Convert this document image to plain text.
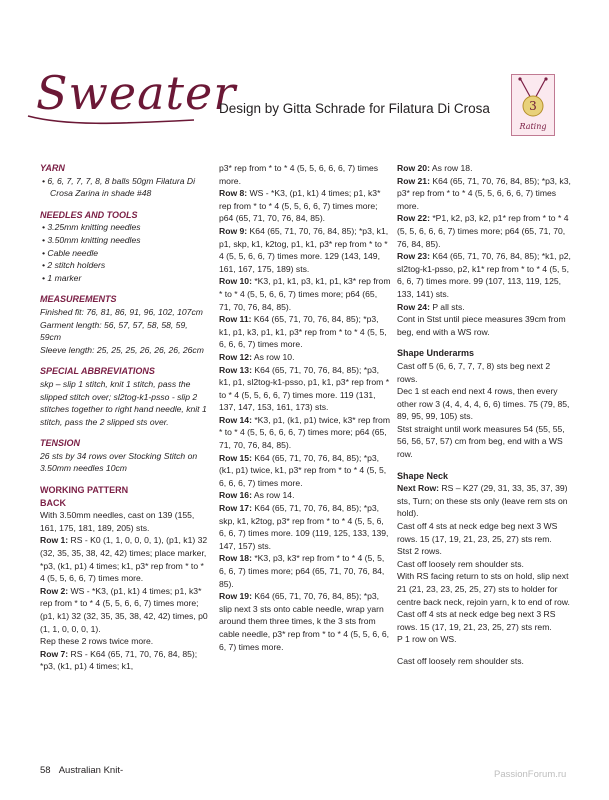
Sweater
Design by Gitta Schrade for Filatura Di Crosa	3
Rating
YARN
• 6, 6, 7, 7, 7, 8, 8 balls 50gm Filatura Di Crosa Zarina in shade #48
NEEDLES AND TOOLS
• 3.25mm knitting needles
• 3.50mm knitting needles
• Cable needle
• 2 stitch holders
• 1 marker
MEASUREMENTS
Finished fit: 76, 81, 86, 91, 96, 102, 107cm
Garment length: 56, 57, 57, 58, 58, 59, 59cm
Sleeve length: 25, 25, 25, 26, 26, 26, 26cm
SPECIAL ABBREVIATIONS
skp – slip 1 stitch, knit 1 stitch, pass the slipped stitch over; sl2tog-k1-psso - slip 2 stitches together to right hand needle, knit 1 stitch, pass the 2 slipped sts over.
TENSION
26 sts by 34 rows over Stocking Stitch on 3.50mm needles 10cm
WORKING PATTERN
BACK
With 3.50mm needles, cast on 139 (155, 161, 175, 181, 189, 205) sts.
Row 1: RS - K0 (1, 1, 0, 0, 0, 1), (p1, k1) 32 (32, 35, 35, 38, 42, 42) times; place marker, *p3, (k1, p1) 4 times; k1, p3* rep from * to * 4 (5, 5, 6, 6, 7) times more.
Row 2: WS - *K3, (p1, k1) 4 times; p1, k3* rep from * to * 4 (5, 5, 6, 6, 7) times more; (p1, k1) 32 (32, 35, 35, 38, 42, 42) times, p0 (1, 1, 0, 0, 0, 1).
Rep these 2 rows twice more.
Row 7: RS - K64 (65, 71, 70, 76, 84, 85); *p3, (k1, p1) 4 times; k1,
p3* rep from * to * 4 (5, 5, 6, 6, 6, 7) times more.
Row 8: WS - *K3, (p1, k1) 4 times; p1, k3* rep from * to * 4 (5, 5, 6, 6, 7) times more; p64 (65, 71, 70, 76, 84, 85).
Row 9: K64 (65, 71, 70, 76, 84, 85); *p3, k1, p1, skp, k1, k2tog, p1, k1, p3* rep from * to * 4 (5, 5, 6, 6, 7) times more. 129 (143, 149, 161, 167, 175, 189) sts.
Row 10: *K3, p1, k1, p3, k1, p1, k3* rep from * to * 4 (5, 5, 6, 6, 7) times more; p64 (65, 71, 70, 76, 84, 85).
Row 11: K64 (65, 71, 70, 76, 84, 85); *p3, k1, p1, k3, p1, k1, p3* rep from * to * 4 (5, 5, 6, 6, 6, 7) times more.
Row 12: As row 10.
Row 13: K64 (65, 71, 70, 76, 84, 85); *p3, k1, p1, sl2tog-k1-psso, p1, k1, p3* rep from * to * 4 (5, 5, 6, 6, 7) times more. 119 (131, 137, 147, 153, 161, 173) sts.
Row 14: *K3, p1, (k1, p1) twice, k3* rep from * to * 4 (5, 5, 6, 6, 6, 7) times more; p64 (65, 71, 70, 76, 84, 85).
Row 15: K64 (65, 71, 70, 76, 84, 85); *p3, (k1, p1) twice, k1, p3* rep from * to * 4 (5, 5, 6, 6, 6, 7) times more.
Row 16: As row 14.
Row 17: K64 (65, 71, 70, 76, 84, 85); *p3, skp, k1, k2tog, p3* rep from * to * 4 (5, 5, 6, 6, 6, 7) times more. 109 (119, 125, 133, 139, 147, 157) sts.
Row 18: *K3, p3, k3* rep from * to * 4 (5, 5, 6, 6, 7) times more; p64 (65, 71, 70, 76, 84, 85).
Row 19: K64 (65, 71, 70, 76, 84, 85); *p3, slip next 3 sts onto cable needle, wrap yarn around them three times, k the 3 sts from cable needle, p3* rep from * to * 4 (5, 5, 6, 6, 6, 7) times more.
Row 20: As row 18.
Row 21: K64 (65, 71, 70, 76, 84, 85); *p3, k3, p3* rep from * to * 4 (5, 5, 6, 6, 6, 7) times more.
Row 22: *P1, k2, p3, k2, p1* rep from * to * 4 (5, 5, 6, 6, 6, 7) times more; p64 (65, 71, 70, 76, 84, 85).
Row 23: K64 (65, 71, 70, 76, 84, 85); *k1, p2, sl2tog-k1-psso, p2, k1* rep from * to * 4 (5, 5, 6, 6, 7) times more. 99 (107, 113, 119, 125, 133, 141) sts.
Row 24: P all sts.
Cont in Stst until piece measures 39cm from beg, end with a WS row.
Shape Underarms
Cast off 5 (6, 6, 7, 7, 7, 8) sts beg next 2 rows.
Dec 1 st each end next 4 rows, then every other row 3 (4, 4, 4, 4, 6, 6) times. 75 (79, 85, 89, 95, 99, 105) sts.
Stst straight until work measures 54 (55, 55, 56, 56, 57, 57) cm from beg, end with a WS row.
Shape Neck
Next Row: RS – K27 (29, 31, 33, 35, 37, 39) sts, Turn; on these sts only (leave rem sts on hold).
Cast off 4 sts at neck edge beg next 3 WS rows. 15 (17, 19, 21, 23, 25, 27) sts rem.
Stst 2 rows.
Cast off loosely rem shoulder sts.
With RS facing return to sts on hold, slip next 21 (21, 23, 23, 25, 25, 27) sts to holder for centre back neck, rejoin yarn, k to end of row.
Cast off 4 sts at neck edge beg next 3 RS rows. 15 (17, 19, 21, 23, 25, 27) sts rem.
P 1 row on WS.
Cast off loosely rem shoulder sts.
58 Australian Knit-	PassionForum.ru
